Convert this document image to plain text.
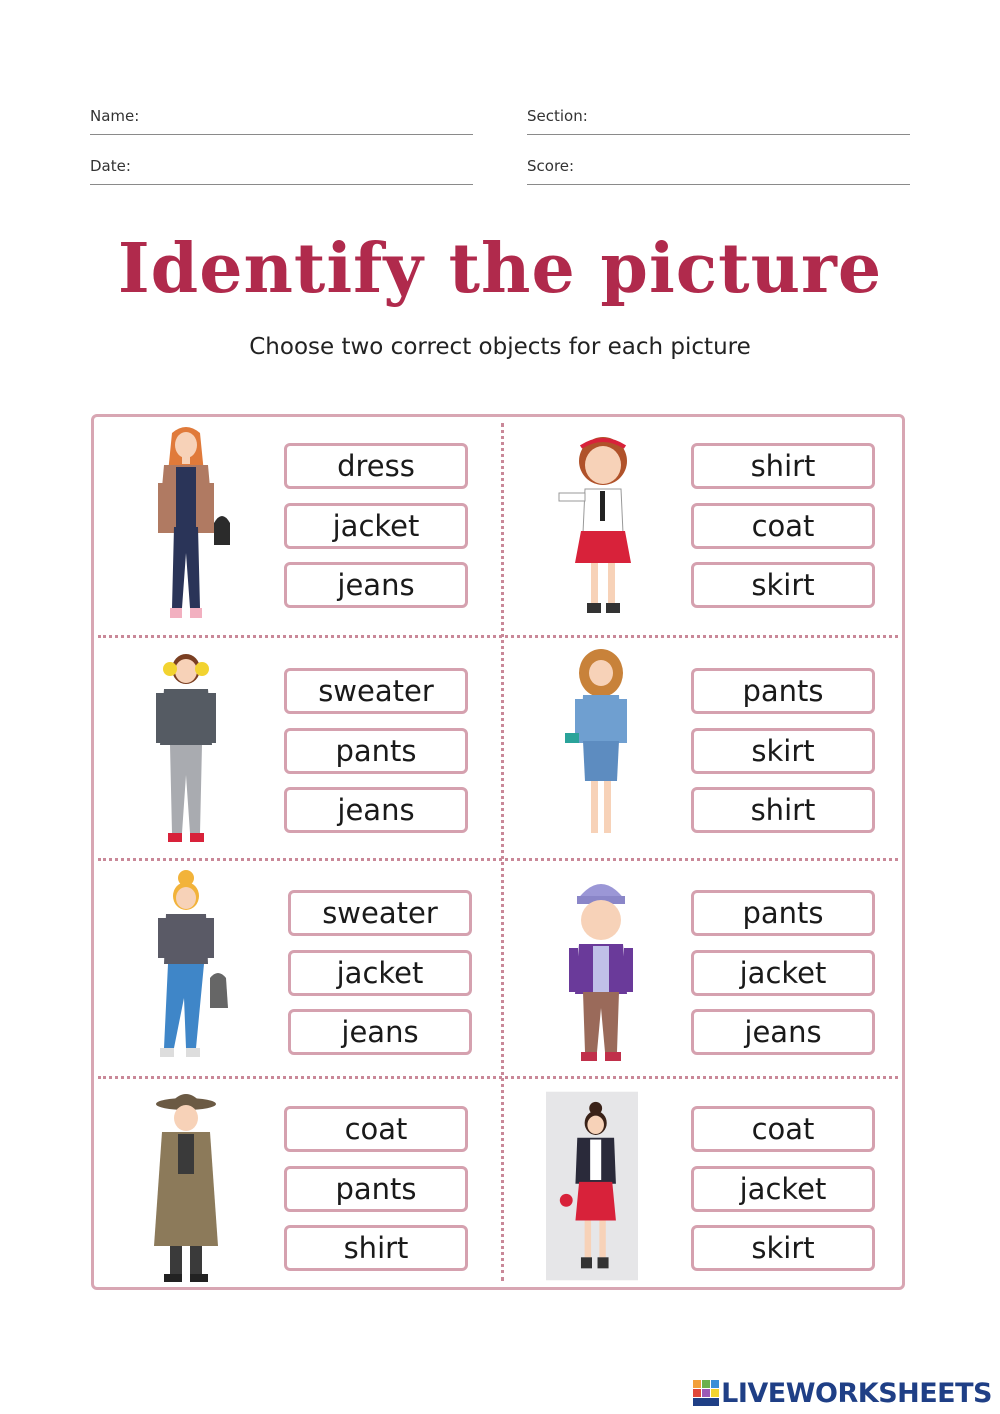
Name:	Section:
Date:	Score:
Identify the picture
Choose two correct objects for each picture
dress
jacket
jeans
shirt
coat
skirt
sweater
pants
jeans
pants
skirt
shirt
sweater
jacket
jeans
pants
jacket
jeans
coat
pants
shirt
coat
jacket
skirt
LIVEWORKSHEETS
